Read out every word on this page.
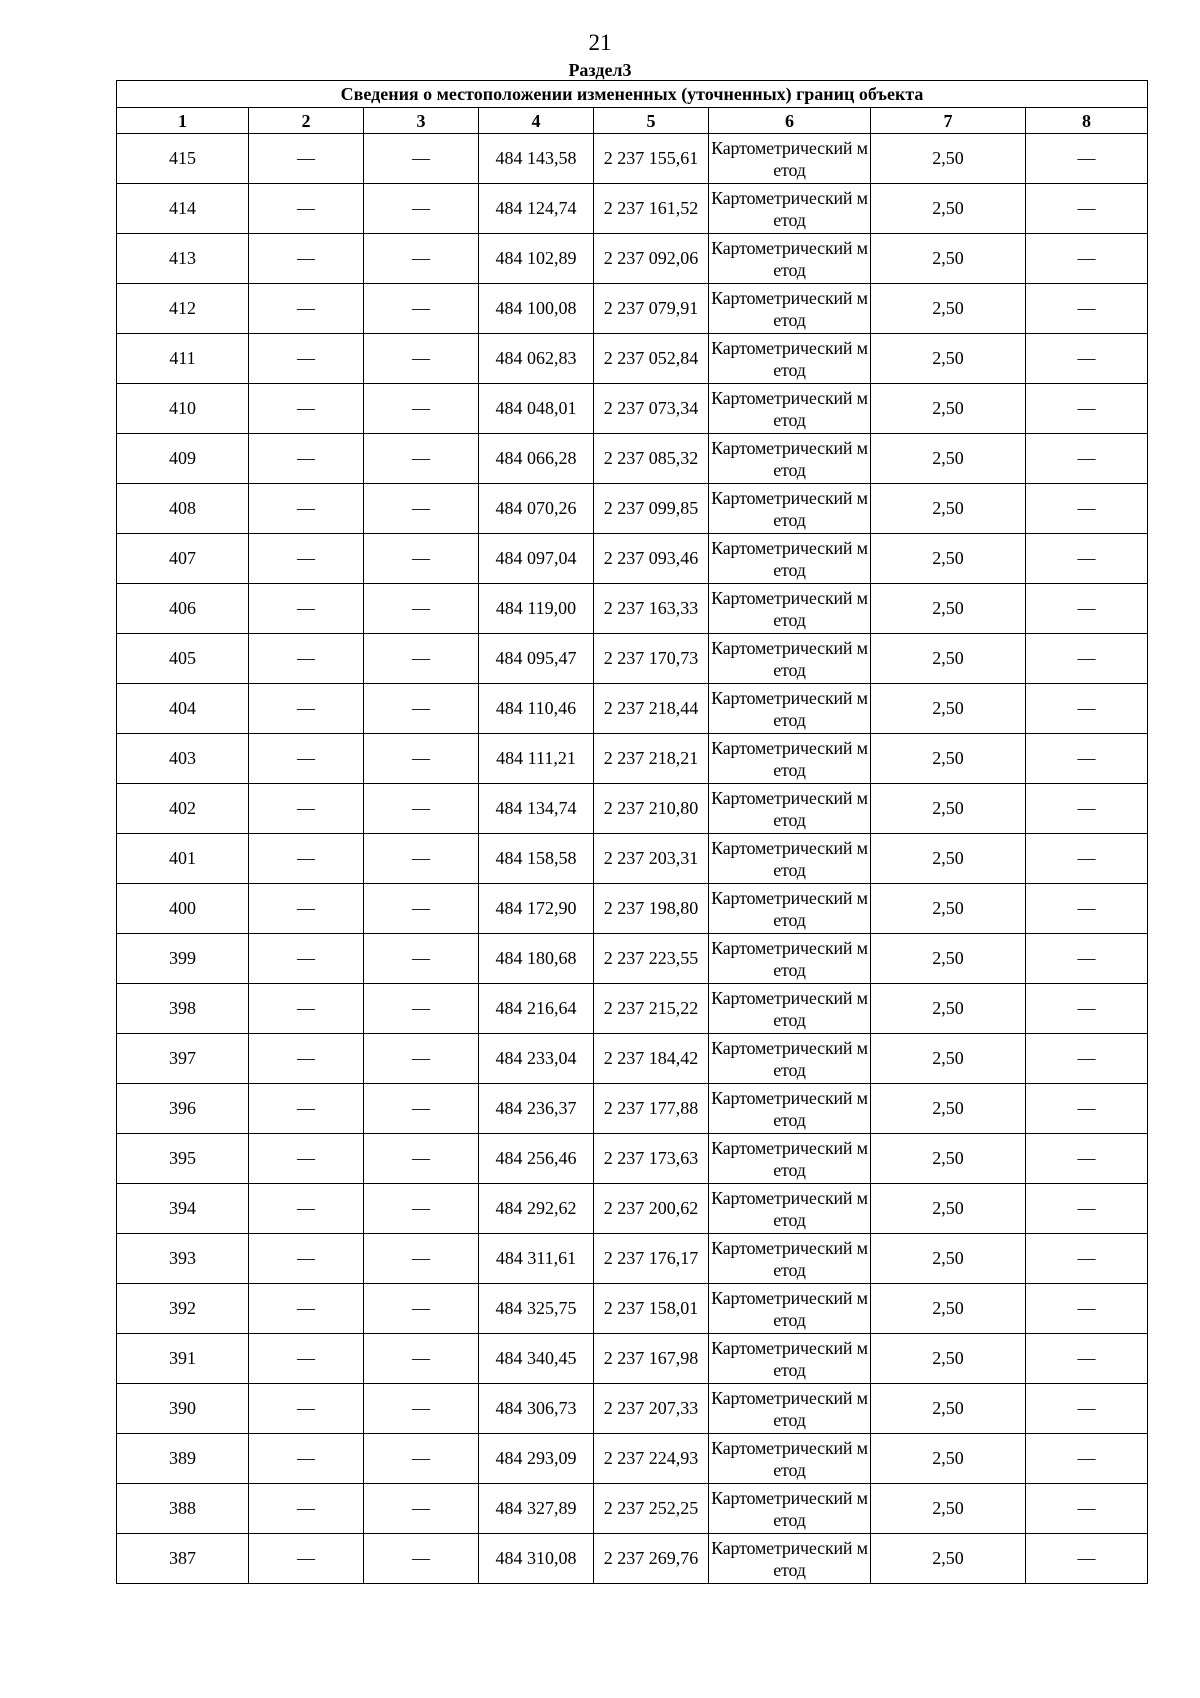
21
Раздел3
Сведения о местоположении измененных (уточненных) границ объекта							
1	2	3	4	5	6	7	8
415	—	—	484 143,58	2 237 155,61	Картометрический метод	2,50	—
414	—	—	484 124,74	2 237 161,52	Картометрический метод	2,50	—
413	—	—	484 102,89	2 237 092,06	Картометрический метод	2,50	—
412	—	—	484 100,08	2 237 079,91	Картометрический метод	2,50	—
411	—	—	484 062,83	2 237 052,84	Картометрический метод	2,50	—
410	—	—	484 048,01	2 237 073,34	Картометрический метод	2,50	—
409	—	—	484 066,28	2 237 085,32	Картометрический метод	2,50	—
408	—	—	484 070,26	2 237 099,85	Картометрический метод	2,50	—
407	—	—	484 097,04	2 237 093,46	Картометрический метод	2,50	—
406	—	—	484 119,00	2 237 163,33	Картометрический метод	2,50	—
405	—	—	484 095,47	2 237 170,73	Картометрический метод	2,50	—
404	—	—	484 110,46	2 237 218,44	Картометрический метод	2,50	—
403	—	—	484 111,21	2 237 218,21	Картометрический метод	2,50	—
402	—	—	484 134,74	2 237 210,80	Картометрический метод	2,50	—
401	—	—	484 158,58	2 237 203,31	Картометрический метод	2,50	—
400	—	—	484 172,90	2 237 198,80	Картометрический метод	2,50	—
399	—	—	484 180,68	2 237 223,55	Картометрический метод	2,50	—
398	—	—	484 216,64	2 237 215,22	Картометрический метод	2,50	—
397	—	—	484 233,04	2 237 184,42	Картометрический метод	2,50	—
396	—	—	484 236,37	2 237 177,88	Картометрический метод	2,50	—
395	—	—	484 256,46	2 237 173,63	Картометрический метод	2,50	—
394	—	—	484 292,62	2 237 200,62	Картометрический метод	2,50	—
393	—	—	484 311,61	2 237 176,17	Картометрический метод	2,50	—
392	—	—	484 325,75	2 237 158,01	Картометрический метод	2,50	—
391	—	—	484 340,45	2 237 167,98	Картометрический метод	2,50	—
390	—	—	484 306,73	2 237 207,33	Картометрический метод	2,50	—
389	—	—	484 293,09	2 237 224,93	Картометрический метод	2,50	—
388	—	—	484 327,89	2 237 252,25	Картометрический метод	2,50	—
387	—	—	484 310,08	2 237 269,76	Картометрический метод	2,50	—
